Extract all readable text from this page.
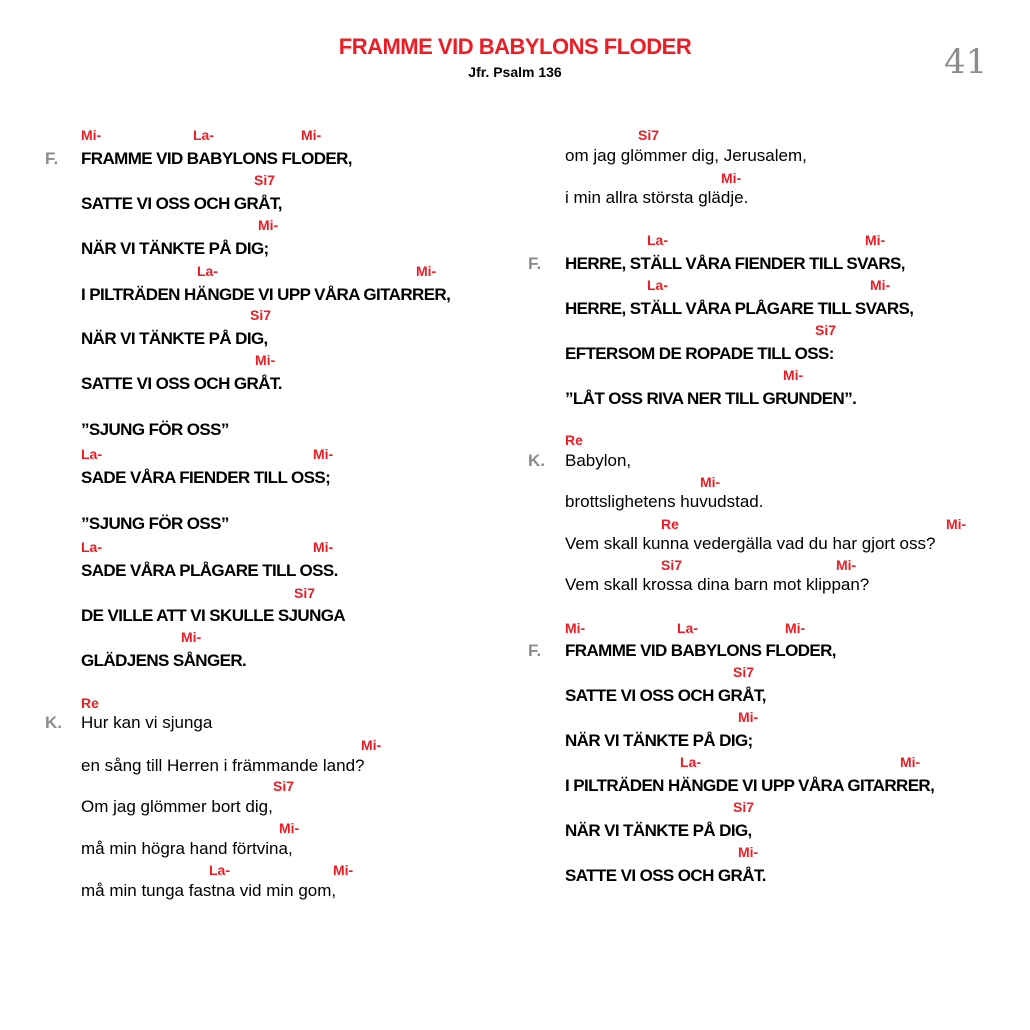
FRAMME VID BABYLONS FLODER
Jfr. Psalm 136	41
Mi-	La-	Mi-
F. FRAMME VID BABYLONS FLODER,
Si7
SATTE VI OSS OCH GRÅT,
Mi-
NÄR VI TÄNKTE PÅ DIG;
La-	Mi-
I PILTRÄDEN HÄNGDE VI UPP VÅRA GITARRER,
Si7
NÄR VI TÄNKTE PÅ DIG,
Mi-
SATTE VI OSS OCH GRÅT.
”SJUNG FÖR OSS”
La-	Mi-
SADE VÅRA FIENDER TILL OSS;
”SJUNG FÖR OSS”
La-	Mi-
SADE VÅRA PLÅGARE TILL OSS.
Si7
DE VILLE ATT VI SKULLE SJUNGA
Mi-
GLÄDJENS SÅNGER.
Re
K. Hur kan vi sjunga
Mi-
en sång till Herren i främmande land?
Si7
Om jag glömmer bort dig,
Mi-
må min högra hand förtvina,
La-	Mi-
må min tunga fastna vid min gom,
Si7
om jag glömmer dig, Jerusalem,
Mi-
i min allra största glädje.
La-	Mi-
F. HERRE, STÄLL VÅRA FIENDER TILL SVARS,
La-	Mi-
HERRE, STÄLL VÅRA PLÅGARE TILL SVARS,
Si7
EFTERSOM DE ROPADE TILL OSS:
Mi-
”LÅT OSS RIVA NER TILL GRUNDEN”.
Re
K. Babylon,
Mi-
brottslighetens huvudstad.
Re	Mi-
Vem skall kunna vedergälla vad du har gjort oss?
Si7	Mi-
Vem skall krossa dina barn mot klippan?
Mi-	La-	Mi-
F. FRAMME VID BABYLONS FLODER,
Si7
SATTE VI OSS OCH GRÅT,
Mi-
NÄR VI TÄNKTE PÅ DIG;
La-	Mi-
I PILTRÄDEN HÄNGDE VI UPP VÅRA GITARRER,
Si7
NÄR VI TÄNKTE PÅ DIG,
Mi-
SATTE VI OSS OCH GRÅT.
